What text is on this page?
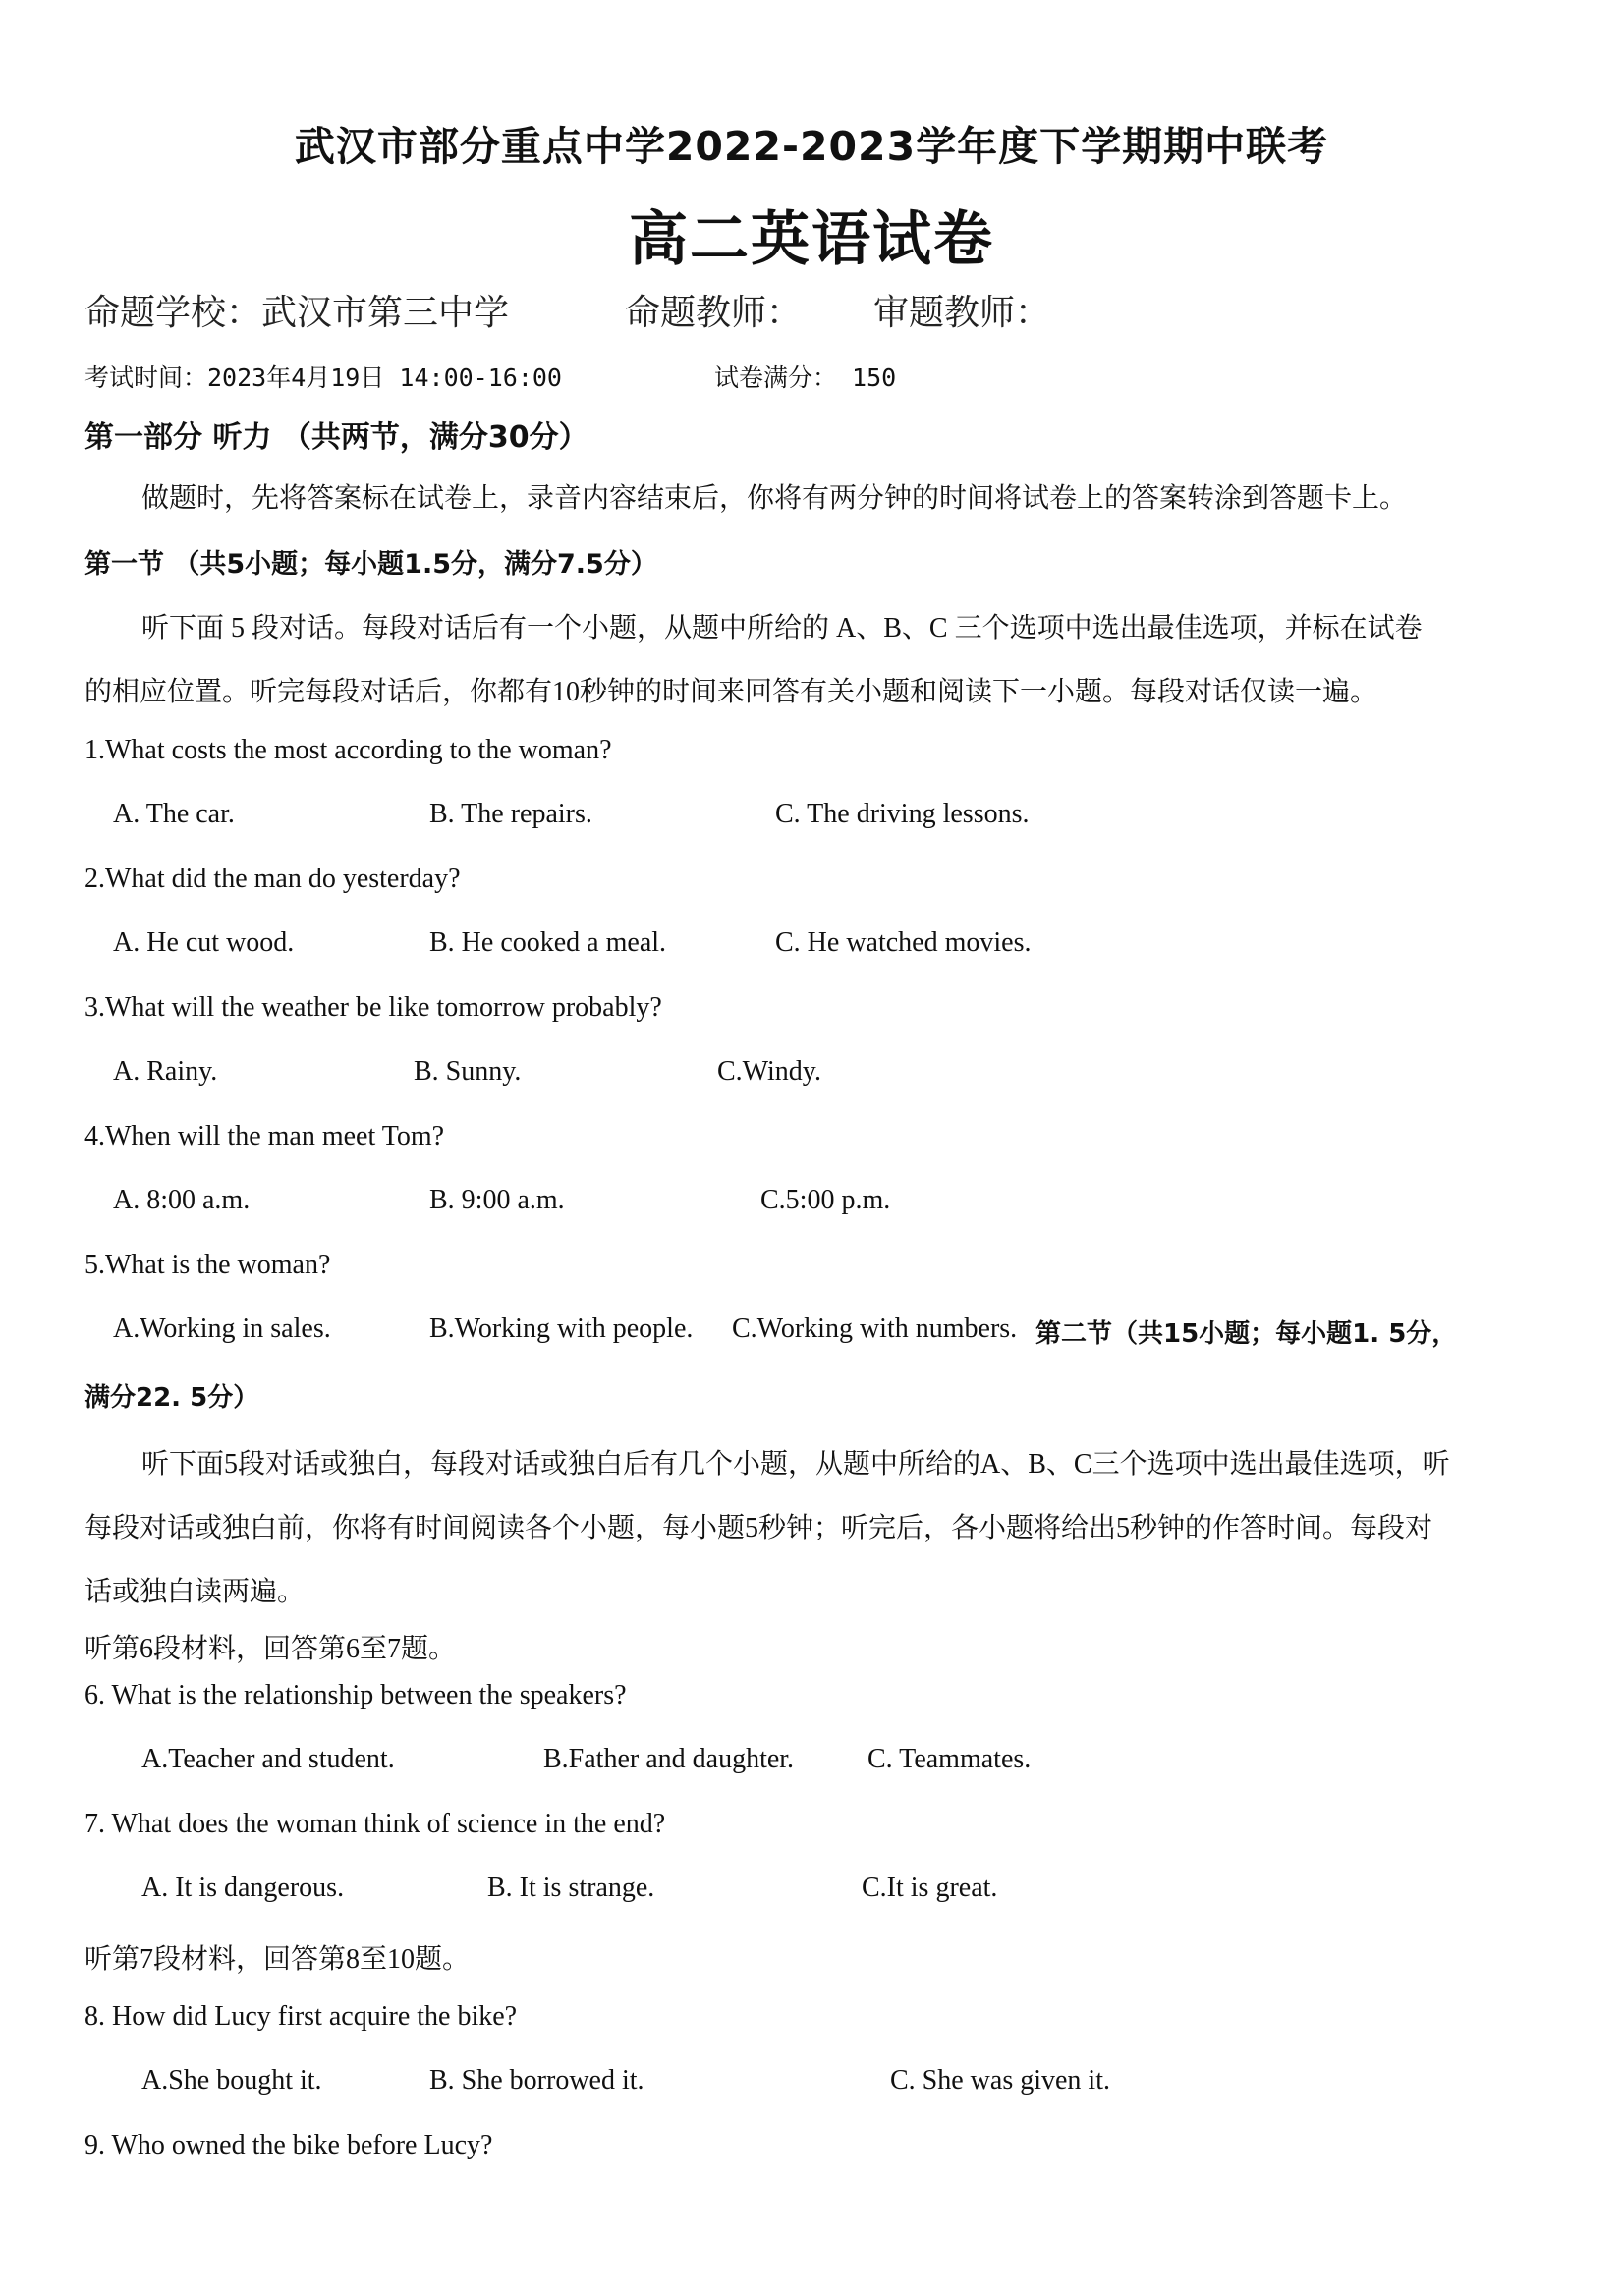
武汉市部分重点中学2022-2023学年度下学期期中联考
高二英语试卷
命题学校：武汉市第三中学	命题教师： 审题教师：
考试时间：2023年4月19日 14:00-16:00	试卷满分： 150
第一部分 听力 （共两节，满分30分）
做题时，先将答案标在试卷上，录音内容结束后，你将有两分钟的时间将试卷上的答案转涂到答题卡上。
第一节 （共5小题；每小题1.5分，满分7.5分）
听下面 5 段对话。每段对话后有一个小题，从题中所给的 A、B、C 三个选项中选出最佳选项，并标在试卷
的相应位置。听完每段对话后，你都有10秒钟的时间来回答有关小题和阅读下一小题。每段对话仅读一遍。
1.What costs the most according to the woman?
A. The car.	B. The repairs.	C. The driving lessons.
2.What did the man do yesterday?
A. He cut wood.	B. He cooked a meal.	C. He watched movies.
3.What will the weather be like tomorrow probably?
A. Rainy.	B. Sunny.	C.Windy.
4.When will the man meet Tom?
A. 8:00 a.m.	B. 9:00 a.m.	C.5:00 p.m.
5.What is the woman?
A.Working in sales.	B.Working with people. C.Working with numbers. 第二节（共15小题；每小题1. 5分，
满分22. 5分）
听下面5段对话或独白，每段对话或独白后有几个小题，从题中所给的A、B、C三个选项中选出最佳选项，听
每段对话或独白前，你将有时间阅读各个小题，每小题5秒钟；听完后，各小题将给出5秒钟的作答时间。每段对
话或独白读两遍。
听第6段材料，回答第6至7题。
6. What is the relationship between the speakers?
A.Teacher and student.	B.Father and daughter.	C. Teammates.
7. What does the woman think of science in the end?
A. It is dangerous.	B. It is strange.	C.It is great.
听第7段材料，回答第8至10题。
8. How did Lucy first acquire the bike?
A.She bought it.	B. She borrowed it.	C. She was given it.
9. Who owned the bike before Lucy?
